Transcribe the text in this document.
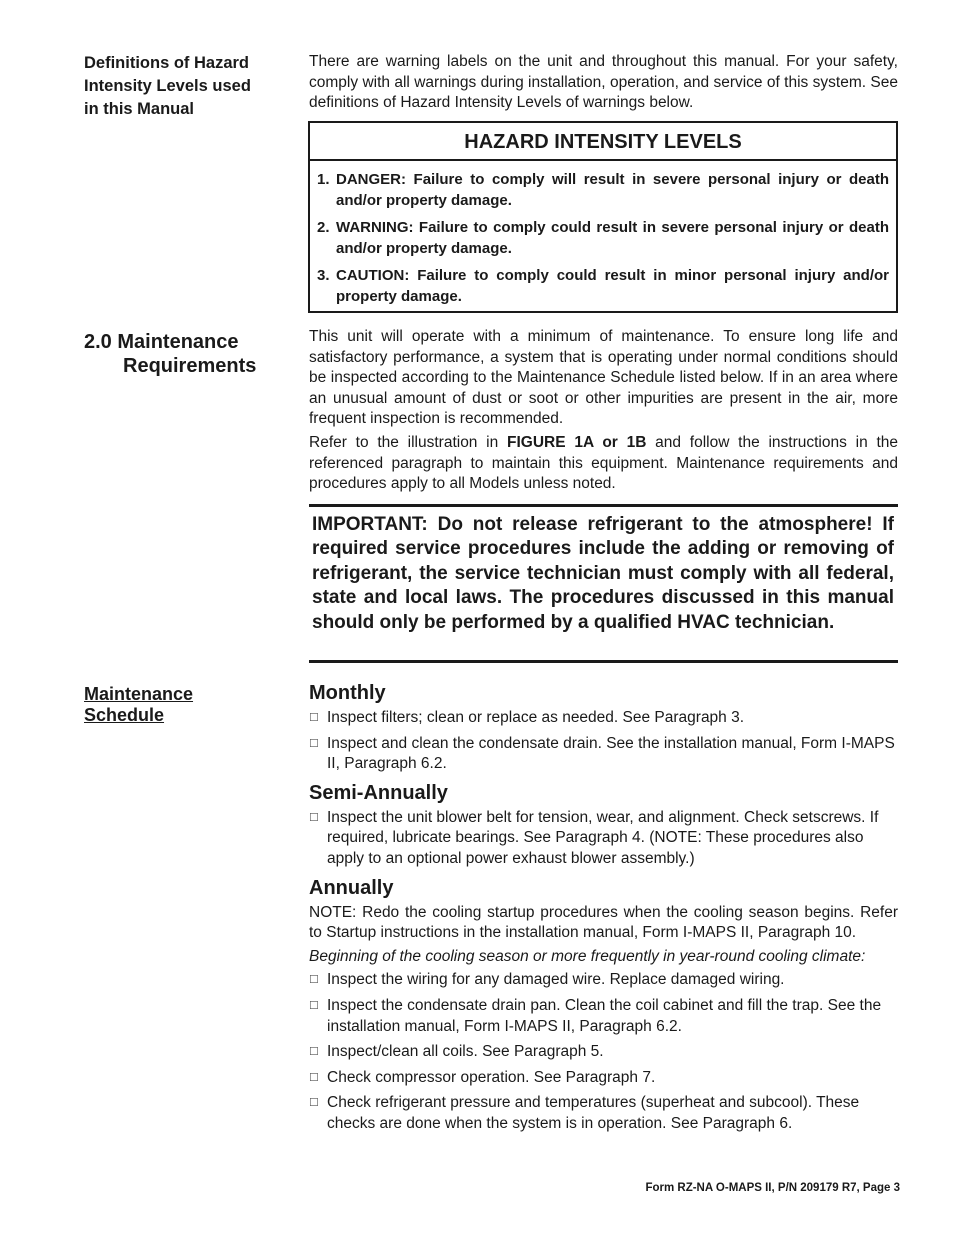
Definitions of Hazard
Intensity Levels used
in this Manual

There are warning labels on the unit and throughout this manual. For your safety, comply with all warnings during installation, operation, and service of this system. See definitions of Hazard Intensity Levels of warnings below.

HAZARD INTENSITY LEVELS
1. DANGER: Failure to comply will result in severe personal injury or death and/or property damage.
2. WARNING: Failure to comply could result in severe personal injury or death and/or property damage.
3. CAUTION: Failure to comply could result in minor personal injury and/or property damage.
2.0 Maintenance
Requirements

This unit will operate with a minimum of maintenance. To ensure long life and satisfactory performance, a system that is operating under normal conditions should be inspected according to the Maintenance Schedule listed below. If in an area where an unusual amount of dust or soot or other impurities are present in the air, more frequent inspection is recommended.

Refer to the illustration in FIGURE 1A or 1B and follow the instructions in the referenced paragraph to maintain this equipment. Maintenance requirements and procedures apply to all Models unless noted.

IMPORTANT: Do not release refrigerant to the atmosphere! If required service procedures include the adding or removing of refrigerant, the service technician must comply with all federal, state and local laws. The procedures discussed in this manual should only be performed by a qualified HVAC technician.

Maintenance
Schedule
Monthly
☐
Inspect filters; clean or replace as needed. See Paragraph 3.
☐
Inspect and clean the condensate drain. See the installation manual, Form I-MAPS II, Paragraph 6.2.
Semi-Annually
☐
Inspect the unit blower belt for tension, wear, and alignment. Check setscrews. If required, lubricate bearings. See Paragraph 4. (NOTE: These procedures also apply to an optional power exhaust blower assembly.)
Annually

NOTE: Redo the cooling startup procedures when the cooling season begins. Refer to Startup instructions in the installation manual, Form I-MAPS II, Paragraph 10.

Beginning of the cooling season or more frequently in year-round cooling climate:

☐
Inspect the wiring for any damaged wire. Replace damaged wiring.
☐
Inspect the condensate drain pan. Clean the coil cabinet and fill the trap. See the installation manual, Form I-MAPS II, Paragraph 6.2.
☐
Inspect/clean all coils. See Paragraph 5.
☐
Check compressor operation. See Paragraph 7.
☐
Check refrigerant pressure and temperatures (superheat and subcool). These checks are done when the system is in operation. See Paragraph 6.
Form RZ-NA O-MAPS II, P/N 209179 R7, Page 3
